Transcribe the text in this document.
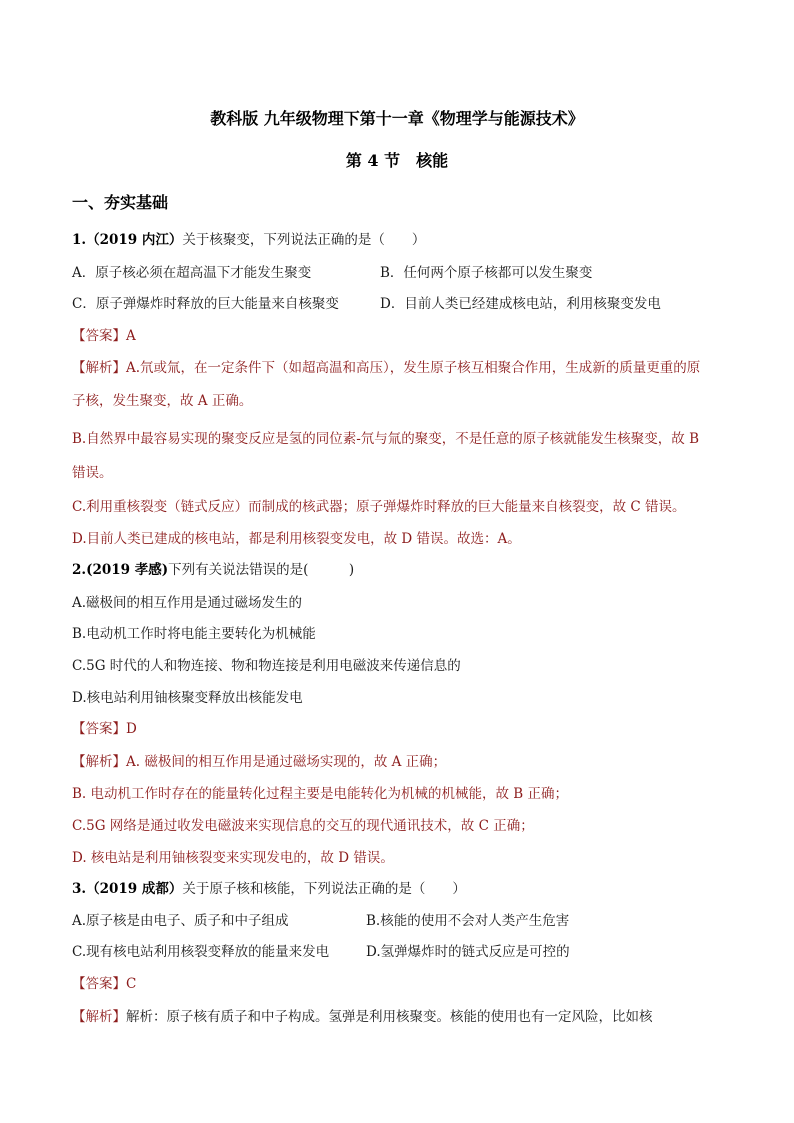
教科版 九年级物理下第十一章《物理学与能源技术》
第 4 节　核能
一、夯实基础
1.（2019 内江）关于核聚变，下列说法正确的是（　　）
A．原子核必须在超高温下才能发生聚变	B．任何两个原子核都可以发生聚变
C．原子弹爆炸时释放的巨大能量来自核聚变	D．目前人类已经建成核电站，利用核聚变发电
【答案】A
【解析】A.氘或氚，在一定条件下（如超高温和高压），发生原子核互相聚合作用，生成新的质量更重的原
子核，发生聚变，故 A 正确。
B.自然界中最容易实现的聚变反应是氢的同位素-氘与氚的聚变，不是任意的原子核就能发生核聚变，故 B
错误。
C.利用重核裂变（链式反应）而制成的核武器；原子弹爆炸时释放的巨大能量来自核裂变，故 C 错误。
D.目前人类已建成的核电站，都是利用核裂变发电，故 D 错误。故选：A。
2.(2019 孝感)下列有关说法错误的是(　　　)
A.磁极间的相互作用是通过磁场发生的
B.电动机工作时将电能主要转化为机械能
C.5G 时代的人和物连接、物和物连接是利用电磁波来传递信息的
D.核电站利用铀核聚变释放出核能发电
【答案】D
【解析】A. 磁极间的相互作用是通过磁场实现的，故 A 正确；
B. 电动机工作时存在的能量转化过程主要是电能转化为机械的机械能，故 B 正确；
C.5G 网络是通过收发电磁波来实现信息的交互的现代通讯技术，故 C 正确；
D. 核电站是利用铀核裂变来实现发电的，故 D 错误。
3.（2019 成都）关于原子核和核能，下列说法正确的是（　　）
A.原子核是由电子、质子和中子组成	B.核能的使用不会对人类产生危害
C.现有核电站利用核裂变释放的能量来发电	D.氢弹爆炸时的链式反应是可控的
【答案】C
【解析】解析：原子核有质子和中子构成。氢弹是利用核聚变。核能的使用也有一定风险，比如核
